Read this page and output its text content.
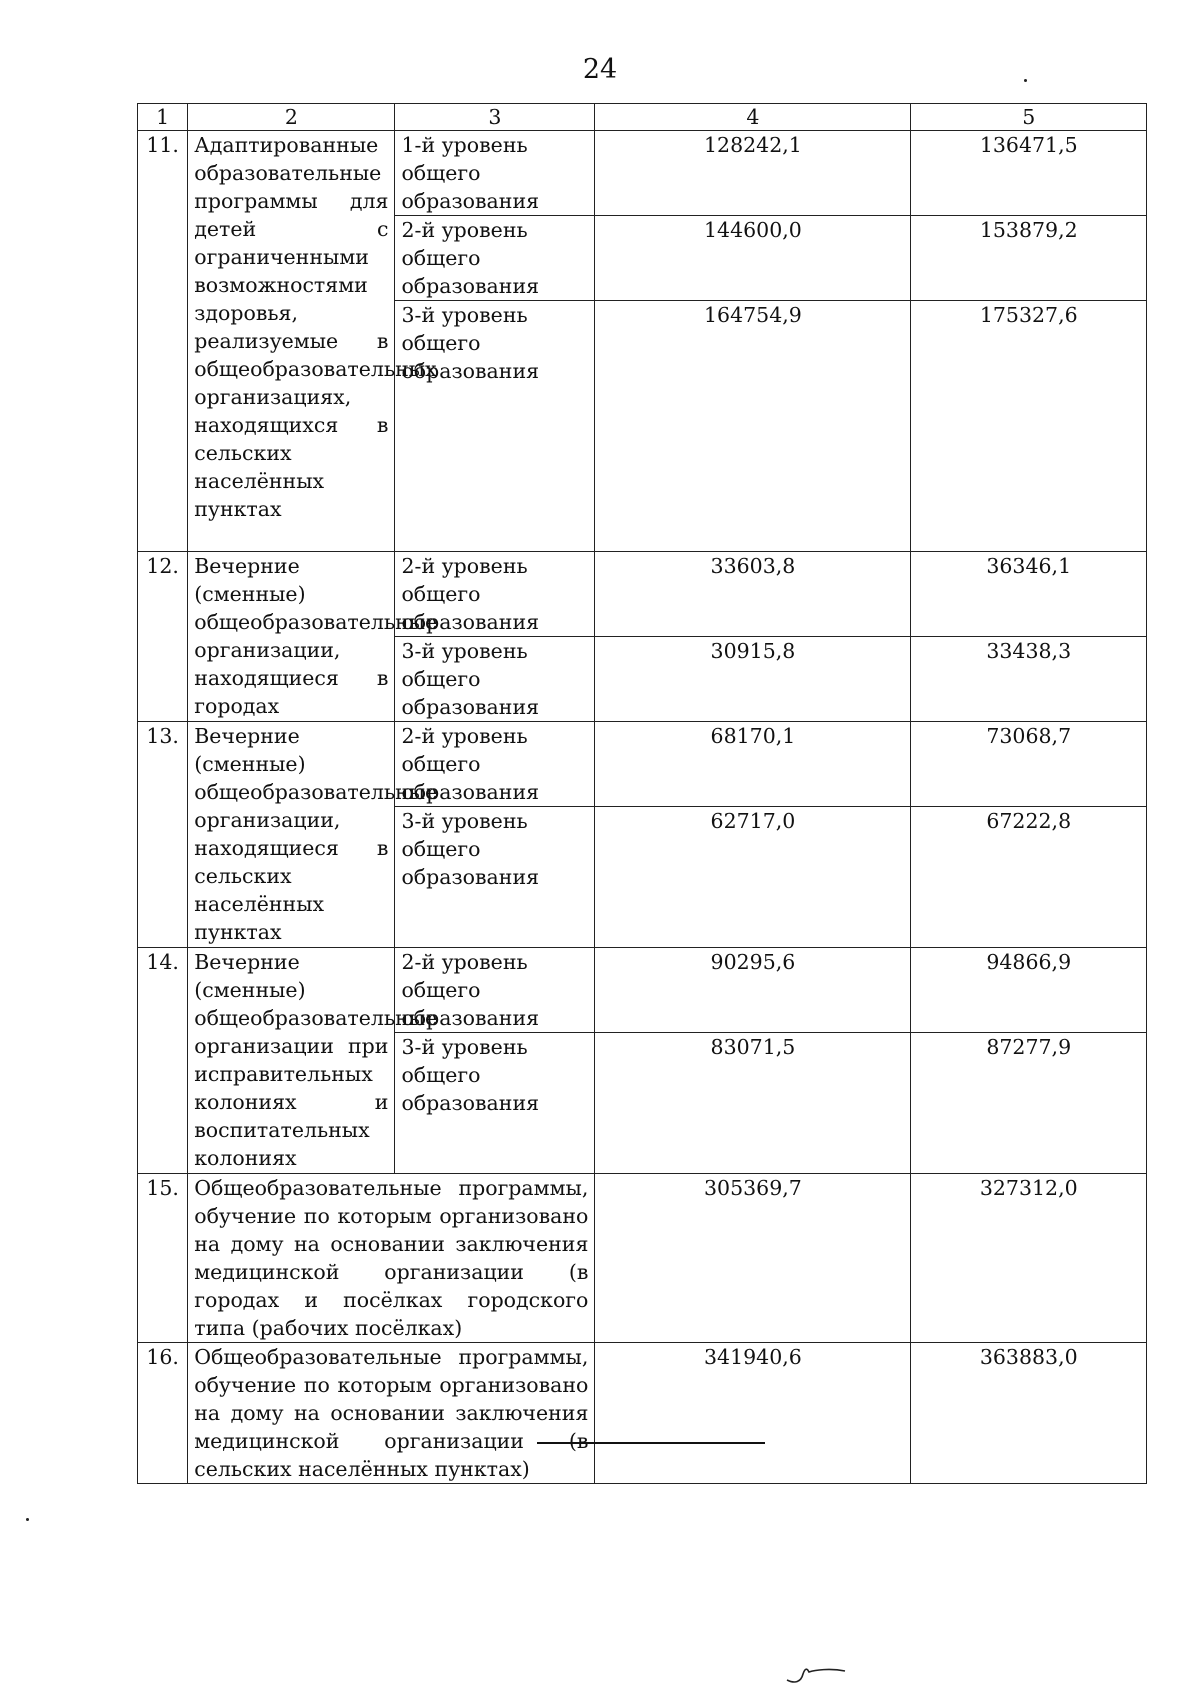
24
1	2	3	4	5
11.	Адаптированные образовательные программы для детей с ограниченными возможностями здоровья, реализуемые в общеобразовательных организациях, находящихся в сельских населённых пунктах	1-й уровень общего образования	128242,1	136471,5
		2-й уровень общего образования	144600,0	153879,2
		3-й уровень общего образования	164754,9	175327,6
12.	Вечерние (сменные) общеобразовательные организации, находящиеся в городах	2-й уровень общего образования	33603,8	36346,1
		3-й уровень общего образования	30915,8	33438,3
13.	Вечерние (сменные) общеобразовательные организации, находящиеся в сельских населённых пунктах	2-й уровень общего образования	68170,1	73068,7
		3-й уровень общего образования	62717,0	67222,8
14.	Вечерние (сменные) общеобразовательные организации при исправительных колониях и воспитательных колониях	2-й уровень общего образования	90295,6	94866,9
		3-й уровень общего образования	83071,5	87277,9
15.	Общеобразовательные программы, обучение по которым организовано на дому на основании заключения медицинской организации (в городах и посёлках городского типа (рабочих посёлках)		305369,7	327312,0
16.	Общеобразовательные программы, обучение по которым организовано на дому на основании заключения медицинской организации (в сельских населённых пунктах)		341940,6	363883,0
